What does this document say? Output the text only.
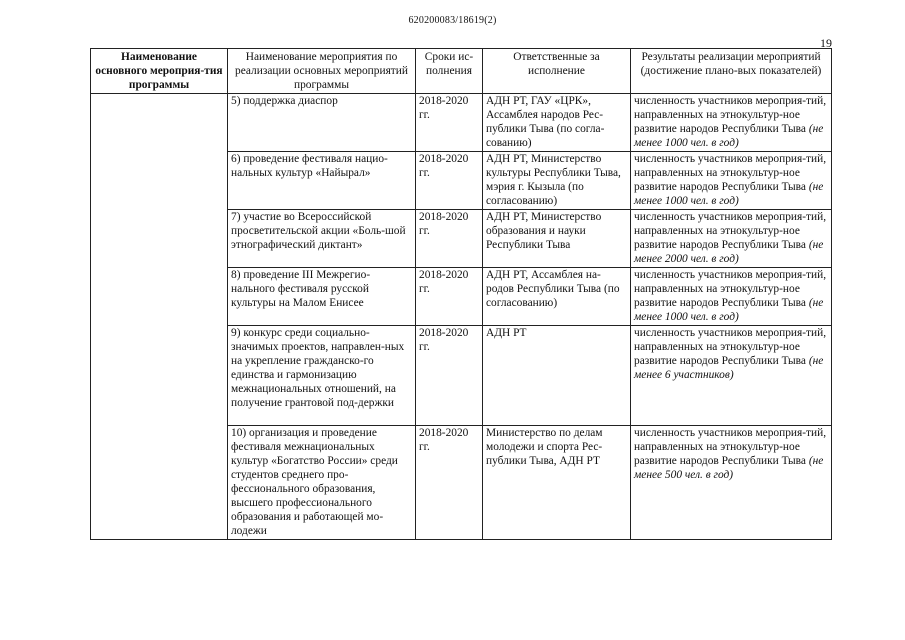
620200083/18619(2)
19
Наименование основного мероприя-тия программы	Наименование мероприятия по реализации основных мероприятий программы	Сроки ис-полнения	Ответственные за исполнение	Результаты реализации мероприятий (достижение плано-вых показателей)
	5) поддержка диаспор	2018-2020 гг.	АДН РТ, ГАУ «ЦРК», Ассамблея народов Рес-публики Тыва (по согла-сованию)	численность участников мероприя-тий, направленных на этнокультур-ное развитие народов Республики Тыва (не менее 1000 чел. в год)
	6) проведение фестиваля нацио-нальных культур «Найырал»	2018-2020 гг.	АДН РТ, Министерство культуры Республики Тыва, мэрия г. Кызыла (по согласованию)	численность участников мероприя-тий, направленных на этнокультур-ное развитие народов Республики Тыва (не менее 1000 чел. в год)
	7) участие во Всероссийской просветительской акции «Боль-шой этнографический диктант»	2018-2020 гг.	АДН РТ, Министерство образования и науки Республики Тыва	численность участников мероприя-тий, направленных на этнокультур-ное развитие народов Республики Тыва (не менее 2000 чел. в год)
	8) проведение III Межрегио-нального фестиваля русской культуры на Малом Енисее	2018-2020 гг.	АДН РТ, Ассамблея на-родов Республики Тыва (по согласованию)	численность участников мероприя-тий, направленных на этнокультур-ное развитие народов Республики Тыва (не менее 1000 чел. в год)
	9) конкурс среди социально-значимых проектов, направлен-ных на укрепление гражданско-го единства и гармонизацию межнациональных отношений, на получение грантовой под-держки	2018-2020 гг.	АДН РТ	численность участников мероприя-тий, направленных на этнокультур-ное развитие народов Республики Тыва (не менее 6 участников)
	10) организация и проведение фестиваля межнациональных культур «Богатство России» среди студентов среднего про-фессионального образования, высшего профессионального образования и работающей мо-лодежи	2018-2020 гг.	Министерство по делам молодежи и спорта Рес-публики Тыва, АДН РТ	численность участников мероприя-тий, направленных на этнокультур-ное развитие народов Республики Тыва (не менее 500 чел. в год)
